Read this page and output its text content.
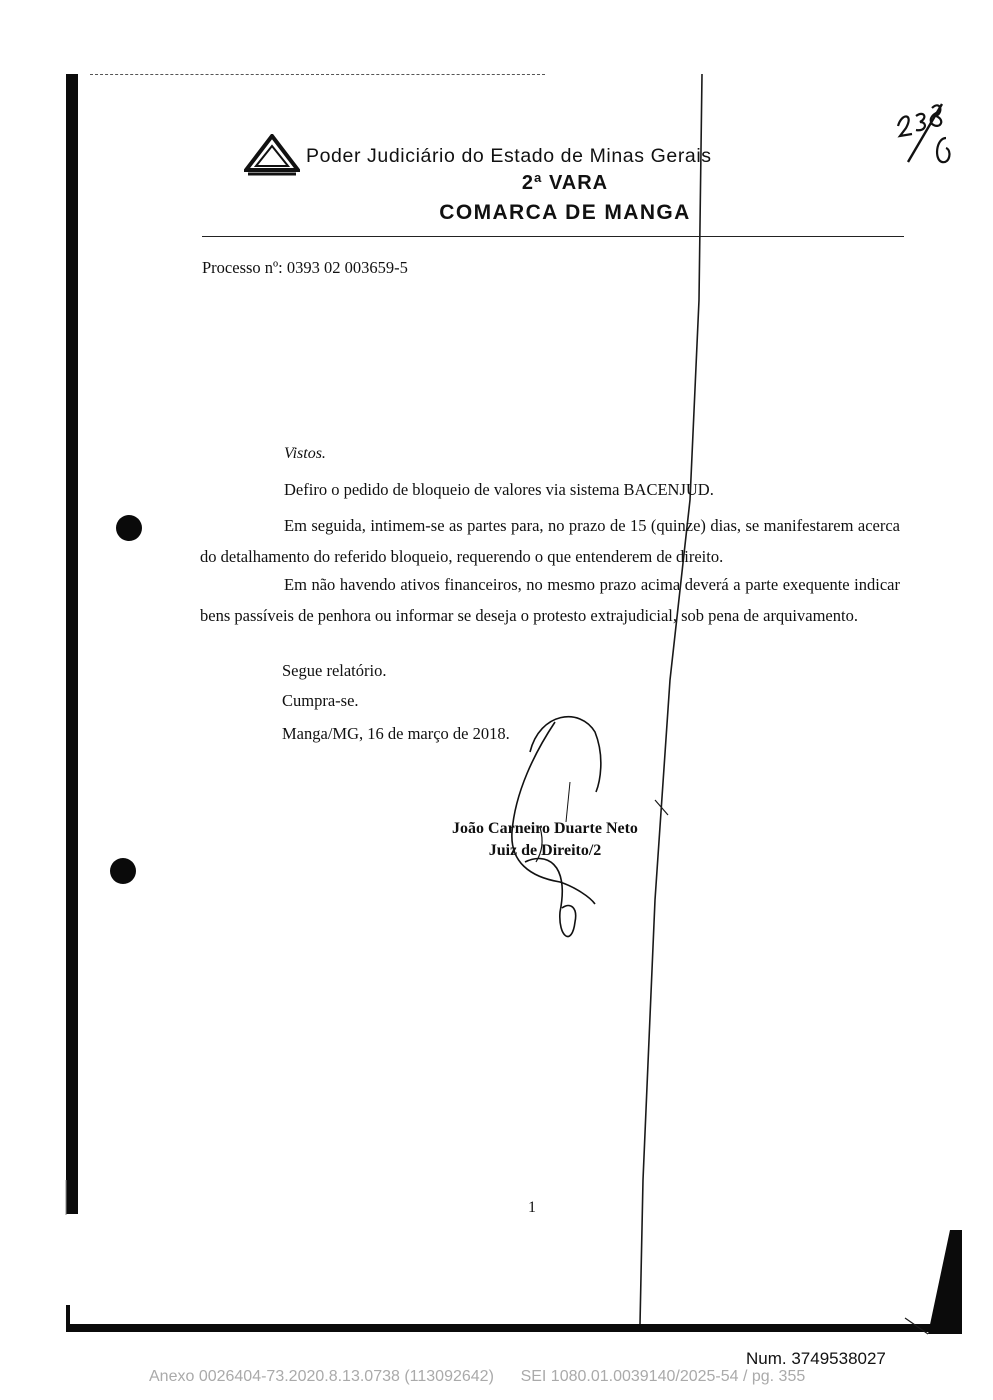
Poder Judiciário do Estado de Minas Gerais
2ª VARA
COMARCA DE MANGA
Processo nº: 0393 02 003659-5
Vistos.
Defiro o pedido de bloqueio de valores via sistema BACENJUD.
Em seguida, intimem-se as partes para, no prazo de 15 (quinze) dias, se manifestarem acerca do detalhamento do referido bloqueio, requerendo o que entenderem de direito.
Em não havendo ativos financeiros, no mesmo prazo acima deverá a parte exequente indicar bens passíveis de penhora ou informar se deseja o protesto extrajudicial, sob pena de arquivamento.
Segue relatório.
Cumpra-se.
Manga/MG, 16 de março de 2018.
João Carneiro Duarte Neto
Juiz de Direito/2
1
Num. 3749538027
Anexo 0026404-73.2020.8.13.0738 (113092642)      SEI 1080.01.0039140/2025-54 / pg. 355
